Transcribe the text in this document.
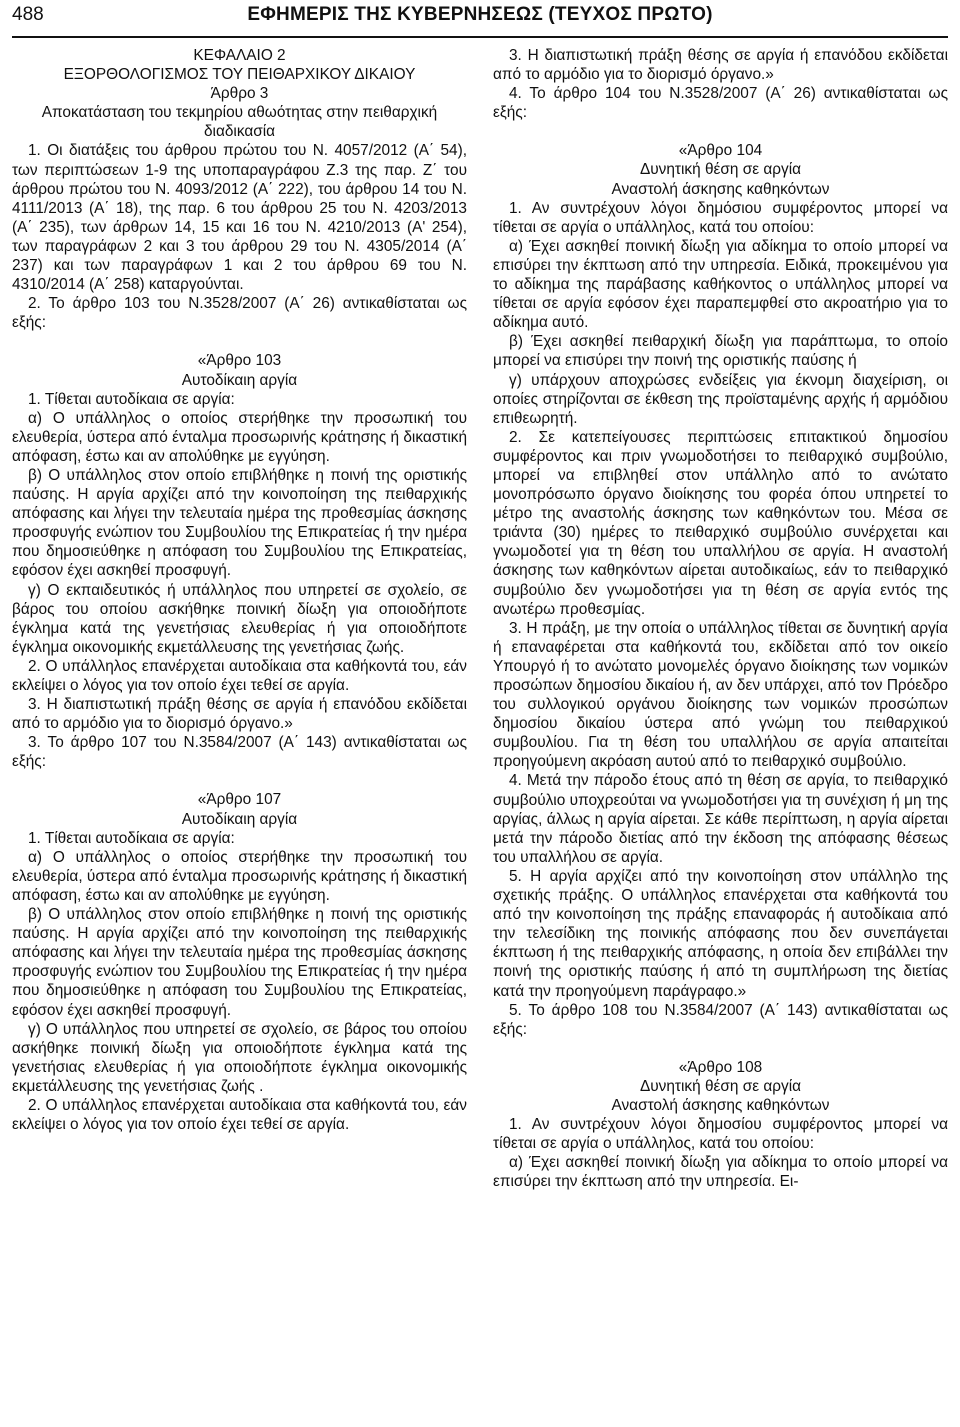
488	ΕΦΗΜΕΡΙΣ ΤΗΣ ΚΥΒΕΡΝΗΣΕΩΣ (ΤΕΥΧΟΣ ΠΡΩΤΟ)

ΚΕΦΑΛΑΙΟ 2

ΕΞΟΡΘΟΛΟΓΙΣΜΟΣ ΤΟΥ ΠΕΙΘΑΡΧΙΚΟΥ ΔΙΚΑΙΟΥ

Άρθρο 3

Αποκατάσταση του τεκμηρίου αθωότητας στην πειθαρχική διαδικασία

1. Οι διατάξεις του άρθρου πρώτου του Ν. 4057/2012 (Α΄ 54), των περιπτώσεων 1-9 της υποπαραγράφου Ζ.3 της παρ. Ζ΄ του άρθρου πρώτου του Ν. 4093/2012 (Α΄ 222), του άρθρου 14 του Ν. 4111/2013 (Α΄ 18), της παρ. 6 του άρθρου 25 του Ν. 4203/2013 (Α΄ 235), των άρθρων 14, 15 και 16 του Ν. 4210/2013 (Α' 254), των παραγράφων 2 και 3 του άρθρου 29 του Ν. 4305/2014 (Α΄ 237) και των παραγράφων 1 και 2 του άρθρου 69 του Ν. 4310/2014 (Α΄ 258) καταργούνται.

2. Το άρθρο 103 του Ν.3528/2007 (Α΄ 26) αντικαθίσταται ως εξής:

«Άρθρο 103

Αυτοδίκαιη αργία

1. Τίθεται αυτοδίκαια σε αργία:

α) Ο υπάλληλος ο οποίος στερήθηκε την προσωπική του ελευθερία, ύστερα από ένταλμα προσωρινής κράτησης ή δικαστική απόφαση, έστω και αν απολύθηκε με εγγύηση.

β) Ο υπάλληλος στον οποίο επιβλήθηκε η ποινή της οριστικής παύσης. Η αργία αρχίζει από την κοινοποίηση της πειθαρχικής απόφασης και λήγει την τελευταία ημέρα της προθεσμίας άσκησης προσφυγής ενώπιον του Συμβουλίου της Επικρατείας ή την ημέρα που δημοσιεύθηκε η απόφαση του Συμβουλίου της Επικρατείας, εφόσον έχει ασκηθεί προσφυγή.

γ) Ο εκπαιδευτικός ή υπάλληλος που υπηρετεί σε σχολείο, σε βάρος του οποίου ασκήθηκε ποινική δίωξη για οποιοδήποτε έγκλημα κατά της γενετήσιας ελευθερίας ή για οποιοδήποτε έγκλημα οικονομικής εκμετάλλευσης της γενετήσιας ζωής.

2. Ο υπάλληλος επανέρχεται αυτοδίκαια στα καθήκοντά του, εάν εκλείψει ο λόγος για τον οποίο έχει τεθεί σε αργία.

3. Η διαπιστωτική πράξη θέσης σε αργία ή επανόδου εκδίδεται από το αρμόδιο για το διορισμό όργανο.»

3. Το άρθρο 107 του Ν.3584/2007 (Α΄ 143) αντικαθίσταται ως εξής:

«Άρθρο 107

Αυτοδίκαιη αργία

1. Τίθεται αυτοδίκαια σε αργία:

α) Ο υπάλληλος ο οποίος στερήθηκε την προσωπική του ελευθερία, ύστερα από ένταλμα προσωρινής κράτησης ή δικαστική απόφαση, έστω και αν απολύθηκε με εγγύηση.

β) Ο υπάλληλος στον οποίο επιβλήθηκε η ποινή της οριστικής παύσης. Η αργία αρχίζει από την κοινοποίηση της πειθαρχικής απόφασης και λήγει την τελευταία ημέρα της προθεσμίας άσκησης προσφυγής ενώπιον του Συμβουλίου της Επικρατείας ή την ημέρα που δημοσιεύθηκε η απόφαση του Συμβουλίου της Επικρατείας, εφόσον έχει ασκηθεί προσφυγή.

γ) Ο υπάλληλος που υπηρετεί σε σχολείο, σε βάρος του οποίου ασκήθηκε ποινική δίωξη για οποιοδήποτε έγκλημα κατά της γενετήσιας ελευθερίας ή για οποιοδήποτε έγκλημα οικονομικής εκμετάλλευσης της γενετήσιας ζωής .

2. Ο υπάλληλος επανέρχεται αυτοδίκαια στα καθήκοντά του, εάν εκλείψει ο λόγος για τον οποίο έχει τεθεί σε αργία.

3. Η διαπιστωτική πράξη θέσης σε αργία ή επανόδου εκδίδεται από το αρμόδιο για το διορισμό όργανο.»

4. Το άρθρο 104 του Ν.3528/2007 (Α΄ 26) αντικαθίσταται ως εξής:

«Άρθρο 104

Δυνητική θέση σε αργία

Αναστολή άσκησης καθηκόντων

1. Αν συντρέχουν λόγοι δημόσιου συμφέροντος μπορεί να τίθεται σε αργία ο υπάλληλος, κατά του οποίου:

α) Έχει ασκηθεί ποινική δίωξη για αδίκημα το οποίο μπορεί να επισύρει την έκπτωση από την υπηρεσία. Ειδικά, προκειμένου για το αδίκημα της παράβασης καθήκοντος ο υπάλληλος μπορεί να τίθεται σε αργία εφόσον έχει παραπεμφθεί στο ακροατήριο για το αδίκημα αυτό.

β) Έχει ασκηθεί πειθαρχική δίωξη για παράπτωμα, το οποίο μπορεί να επισύρει την ποινή της οριστικής παύσης ή

γ) υπάρχουν αποχρώσες ενδείξεις για έκνομη διαχείριση, οι οποίες στηρίζονται σε έκθεση της προϊσταμένης αρχής ή αρμόδιου επιθεωρητή.

2. Σε κατεπείγουσες περιπτώσεις επιτακτικού δημοσίου συμφέροντος και πριν γνωμοδοτήσει το πειθαρχικό συμβούλιο, μπορεί να επιβληθεί στον υπάλληλο από το ανώτατο μονοπρόσωπο όργανο διοίκησης του φορέα όπου υπηρετεί το μέτρο της αναστολής άσκησης των καθηκόντων του. Μέσα σε τριάντα (30) ημέρες το πειθαρχικό συμβούλιο συνέρχεται και γνωμοδοτεί για τη θέση του υπαλλήλου σε αργία. Η αναστολή άσκησης των καθηκόντων αίρεται αυτοδικαίως, εάν το πειθαρχικό συμβούλιο δεν γνωμοδοτήσει για τη θέση σε αργία εντός της ανωτέρω προθεσμίας.

3. Η πράξη, με την οποία ο υπάλληλος τίθεται σε δυνητική αργία ή επαναφέρεται στα καθήκοντά του, εκδίδεται από τον οικείο Υπουργό ή το ανώτατο μονομελές όργανο διοίκησης των νομικών προσώπων δημοσίου δικαίου ή, αν δεν υπάρχει, από τον Πρόεδρο του συλλογικού οργάνου διοίκησης των νομικών προσώπων δημοσίου δικαίου ύστερα από γνώμη του πειθαρχικού συμβουλίου. Για τη θέση του υπαλλήλου σε αργία απαιτείται προηγούμενη ακρόαση αυτού από το πειθαρχικό συμβούλιο.

4. Μετά την πάροδο έτους από τη θέση σε αργία, το πειθαρχικό συμβούλιο υποχρεούται να γνωμοδοτήσει για τη συνέχιση ή μη της αργίας, άλλως η αργία αίρεται. Σε κάθε περίπτωση, η αργία αίρεται μετά την πάροδο διετίας από την έκδοση της απόφασης θέσεως του υπαλλήλου σε αργία.

5. Η αργία αρχίζει από την κοινοποίηση στον υπάλληλο της σχετικής πράξης. Ο υπάλληλος επανέρχεται στα καθήκοντά του από την κοινοποίηση της πράξης επαναφοράς ή αυτοδίκαια από την τελεσίδικη της ποινικής απόφασης που δεν συνεπάγεται έκπτωση ή της πειθαρχικής απόφασης, η οποία δεν επιβάλλει την ποινή της οριστικής παύσης ή από τη συμπλήρωση της διετίας κατά την προηγούμενη παράγραφο.»

5. Το άρθρο 108 του Ν.3584/2007 (Α΄ 143) αντικαθίσταται ως εξής:

«Άρθρο 108

Δυνητική θέση σε αργία

Αναστολή άσκησης καθηκόντων

1. Αν συντρέχουν λόγοι δημοσίου συμφέροντος μπορεί να τίθεται σε αργία ο υπάλληλος, κατά του οποίου:

α) Έχει ασκηθεί ποινική δίωξη για αδίκημα το οποίο μπορεί να επισύρει την έκπτωση από την υπηρεσία. Ει-
